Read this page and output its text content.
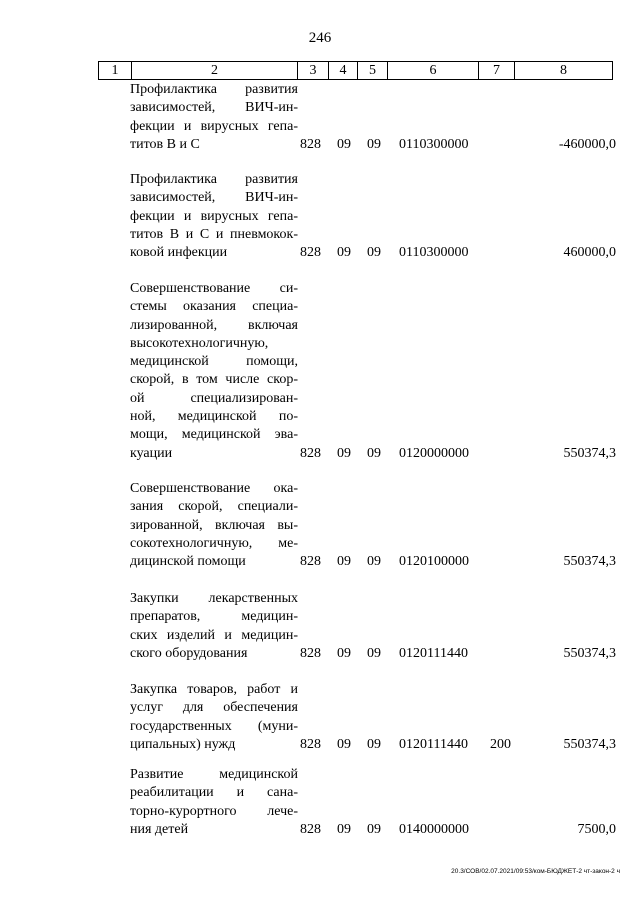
246
1	2	3	4	5	6	7	8
Профилактика развития
зависимостей, ВИЧ-ин-
фекции и вирусных гепа-
титов В и С	828 09 09 0110300000	-460000,0
Профилактика развития
зависимостей, ВИЧ-ин-
фекции и вирусных гепа-
титов В и С и пневмокок-
ковой инфекции	828 09 09 0110300000	460000,0
Совершенствование си-
стемы оказания специа-
лизированной, включая
высокотехнологичную,
медицинской помощи,
скорой, в том числе скор-
ой специализирован-
ной, медицинской по-
мощи, медицинской эва-
куации	828 09 09 0120000000	550374,3
Совершенствование ока-
зания скорой, специали-
зированной, включая вы-
сокотехнологичную, ме-
дицинской помощи	828 09 09 0120100000	550374,3
Закупки лекарственных
препаратов, медицин-
ских изделий и медицин-
ского оборудования	828 09 09 0120111440	550374,3
Закупка товаров, работ и
услуг для обеспечения
государственных (муни-
ципальных) нужд	828 09 09 0120111440 200	550374,3
Развитие медицинской
реабилитации и сана-
торно-курортного лече-
ния детей	828 09 09 0140000000	7500,0
20.3/СОВ/02.07.2021/09:53/ком-БЮДЖЕТ-2 чт-закон-2 ч
